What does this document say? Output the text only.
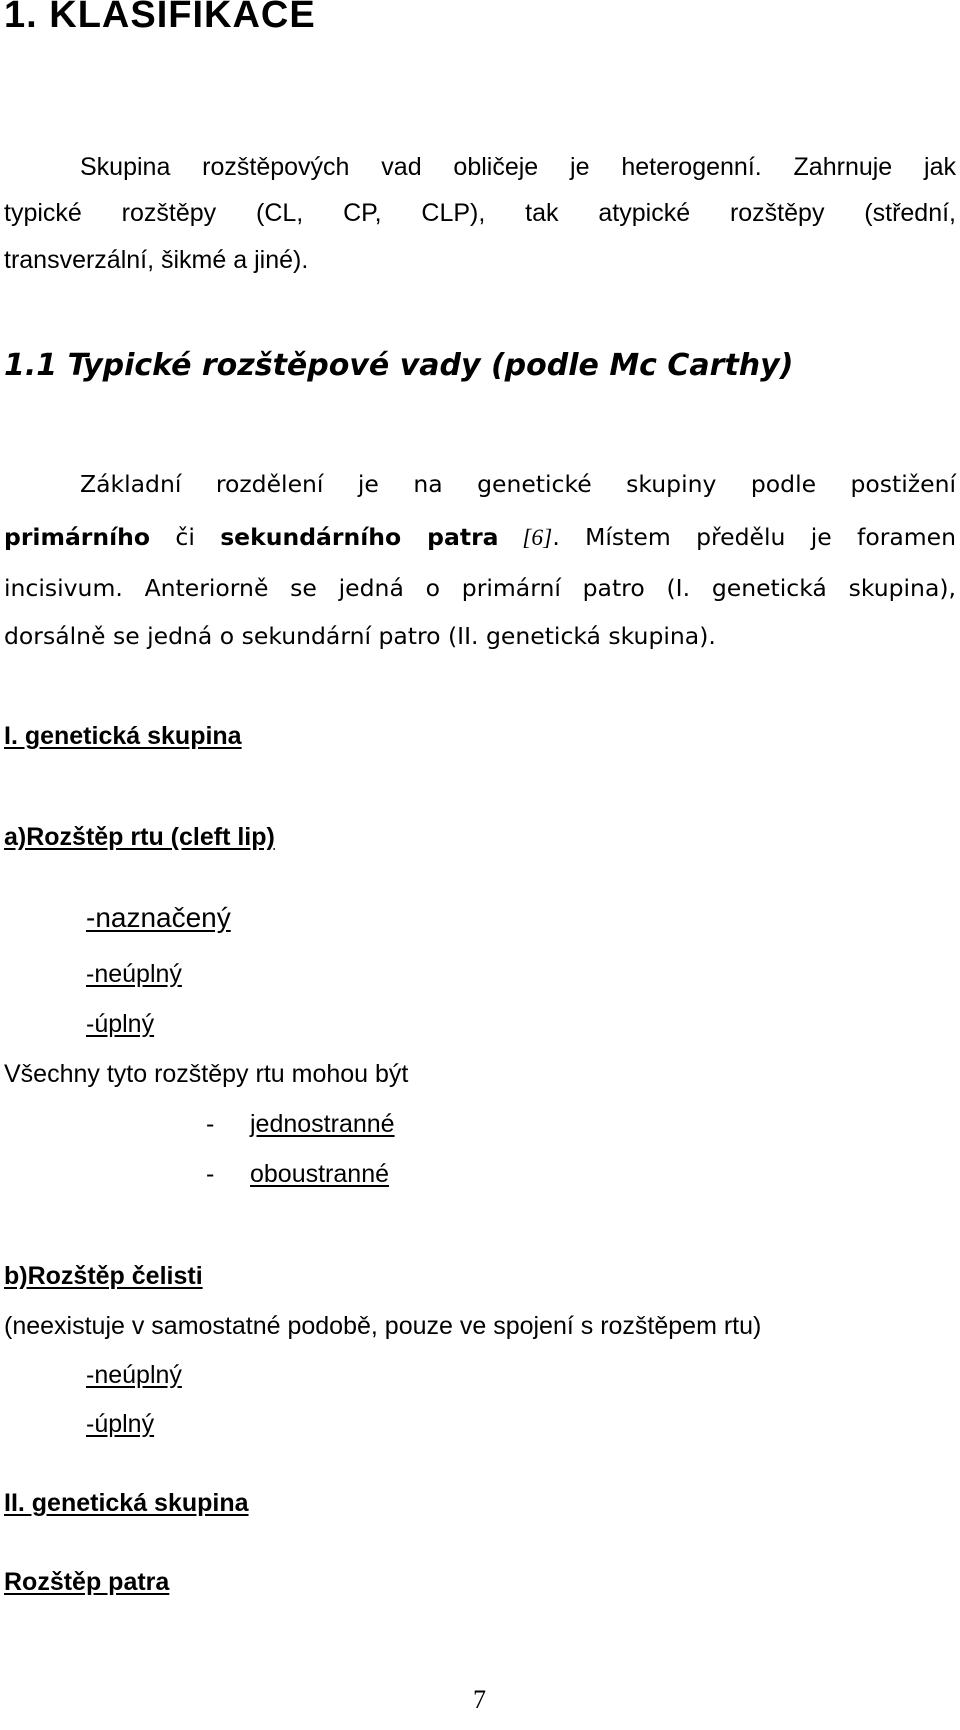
1. KLASIFIKACE
Skupina rozštěpových vad obličeje je heterogenní. Zahrnuje jak
typické rozštěpy (CL, CP, CLP), tak atypické rozštěpy (střední,
transverzální, šikmé a jiné).
1.1 Typické rozštěpové vady (podle Mc Carthy)
Základní rozdělení je na genetické skupiny podle postižení
primárního či sekundárního patra [6]. Místem předělu je foramen
incisivum. Anteriorně se jedná o primární patro (I. genetická skupina),
dorsálně se jedná o sekundární patro (II. genetická skupina).
I. genetická skupina
a)Rozštěp rtu (cleft lip)
-naznačený
-neúplný
-úplný
Všechny tyto rozštěpy rtu mohou být
- jednostranné
- oboustranné
b)Rozštěp čelisti
(neexistuje v samostatné podobě, pouze ve spojení s rozštěpem rtu)
-neúplný
-úplný
II. genetická skupina
Rozštěp patra
7
